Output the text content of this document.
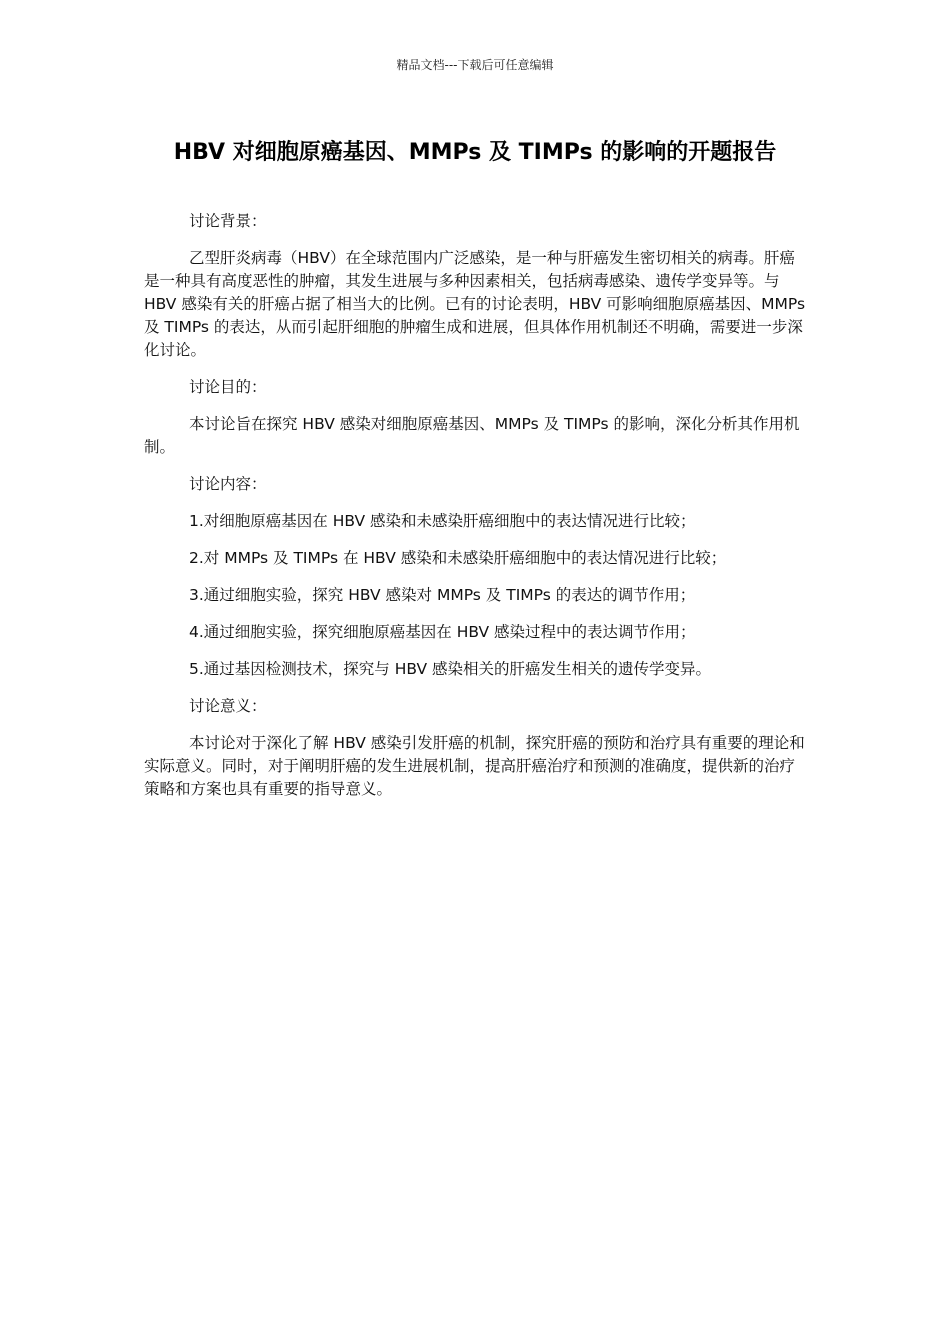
精品文档---下载后可任意编辑
HBV 对细胞原癌基因、MMPs 及 TIMPs 的影响的开题报告

讨论背景：

乙型肝炎病毒（HBV）在全球范围内广泛感染，是一种与肝癌发生密切相关的病毒。肝癌是一种具有高度恶性的肿瘤，其发生进展与多种因素相关，包括病毒感染、遗传学变异等。与 HBV 感染有关的肝癌占据了相当大的比例。已有的讨论表明，HBV 可影响细胞原癌基因、MMPs 及 TIMPs 的表达，从而引起肝细胞的肿瘤生成和进展，但具体作用机制还不明确，需要进一步深化讨论。

讨论目的：

本讨论旨在探究 HBV 感染对细胞原癌基因、MMPs 及 TIMPs 的影响，深化分析其作用机制。

讨论内容：

1.对细胞原癌基因在 HBV 感染和未感染肝癌细胞中的表达情况进行比较；

2.对 MMPs 及 TIMPs 在 HBV 感染和未感染肝癌细胞中的表达情况进行比较；

3.通过细胞实验，探究 HBV 感染对 MMPs 及 TIMPs 的表达的调节作用；

4.通过细胞实验，探究细胞原癌基因在 HBV 感染过程中的表达调节作用；

5.通过基因检测技术，探究与 HBV 感染相关的肝癌发生相关的遗传学变异。

讨论意义：

本讨论对于深化了解 HBV 感染引发肝癌的机制，探究肝癌的预防和治疗具有重要的理论和实际意义。同时，对于阐明肝癌的发生进展机制，提高肝癌治疗和预测的准确度，提供新的治疗策略和方案也具有重要的指导意义。
